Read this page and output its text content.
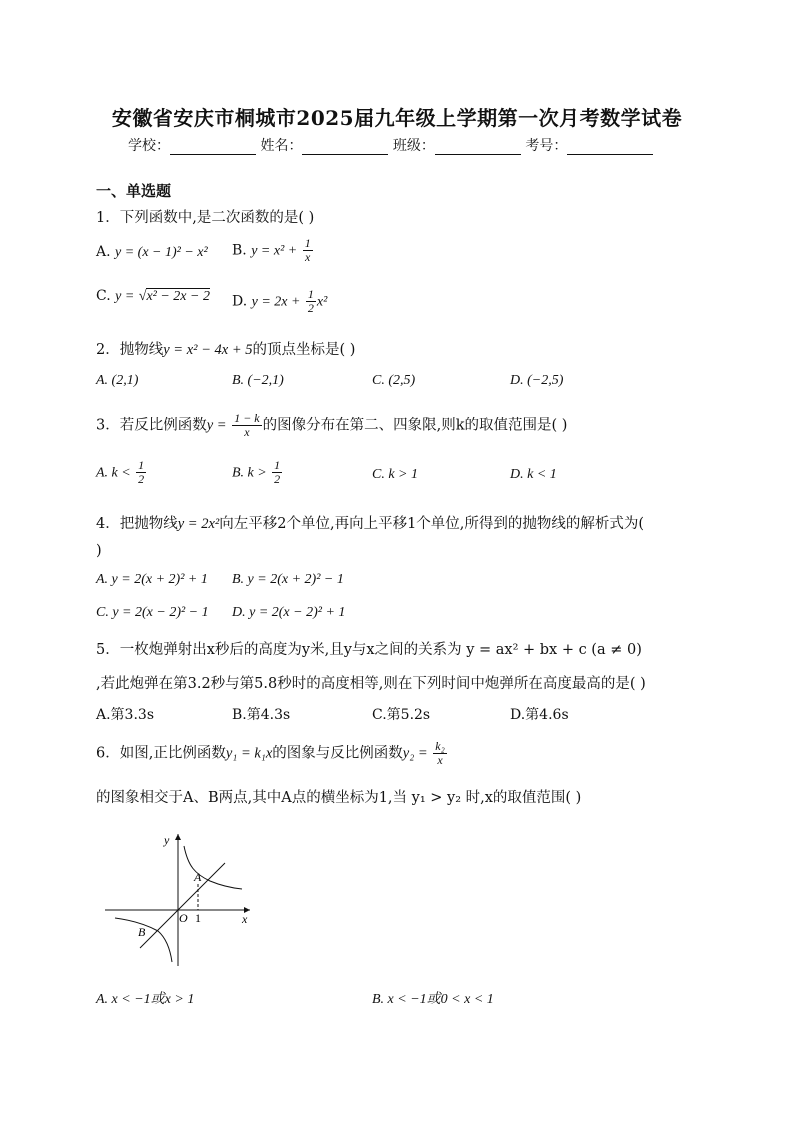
安徽省安庆市桐城市2025届九年级上学期第一次月考数学试卷
学校：	姓名：	班级：	考号：
一、单选题
1．下列函数中,是二次函数的是( )
A. y = (x − 1)² − x² B. $y = x^2 + \frac{1}{x}$
C. y = √x² − 2x − 2 D. $y = 2x + \frac{1}{2} x^2$
2．抛物线y = x² − 4x + 5的顶点坐标是( )
A. (2,1)	B. (−2,1)	C. (2,5)	D. (−2,5)
3．若反比例函数$y = \frac{1 - k}{x}$ 的图像分布在第二、四象限,则k的取值范围是( )
A. $k < \frac{1}{2}$	B. $k > \frac{1}{2}$	C. k > 1	D. k < 1
4．把抛物线y = 2x²向左平移2个单位,再向上平移1个单位,所得到的抛物线的解析式为(
)
A. y = 2(x + 2)² + 1 B. y = 2(x + 2)² − 1
C. y = 2(x − 2)² − 1 D. y = 2(x − 2)² + 1
5．一枚炮弹射出x秒后的高度为y米,且y与x之间的关系为 y = ax² + bx + c (a ≠ 0)
,若此炮弹在第3.2秒与第5.8秒时的高度相等,则在下列时间中炮弹所在高度最高的是( )
A.第3.3s	B.第4.3s	C.第5.2s	D.第4.6s
6．如图,正比例函数y₁ = k₁x的图象与反比例函数$y_2 = \frac{\text{k₂}}{x}$
的图象相交于A、B两点,其中A点的横坐标为1,当 y₁ > y₂ 时,x的取值范围( )
y
x
O
A
B
1
A. x < −1或x > 1	B. x < −1或0 < x < 1
